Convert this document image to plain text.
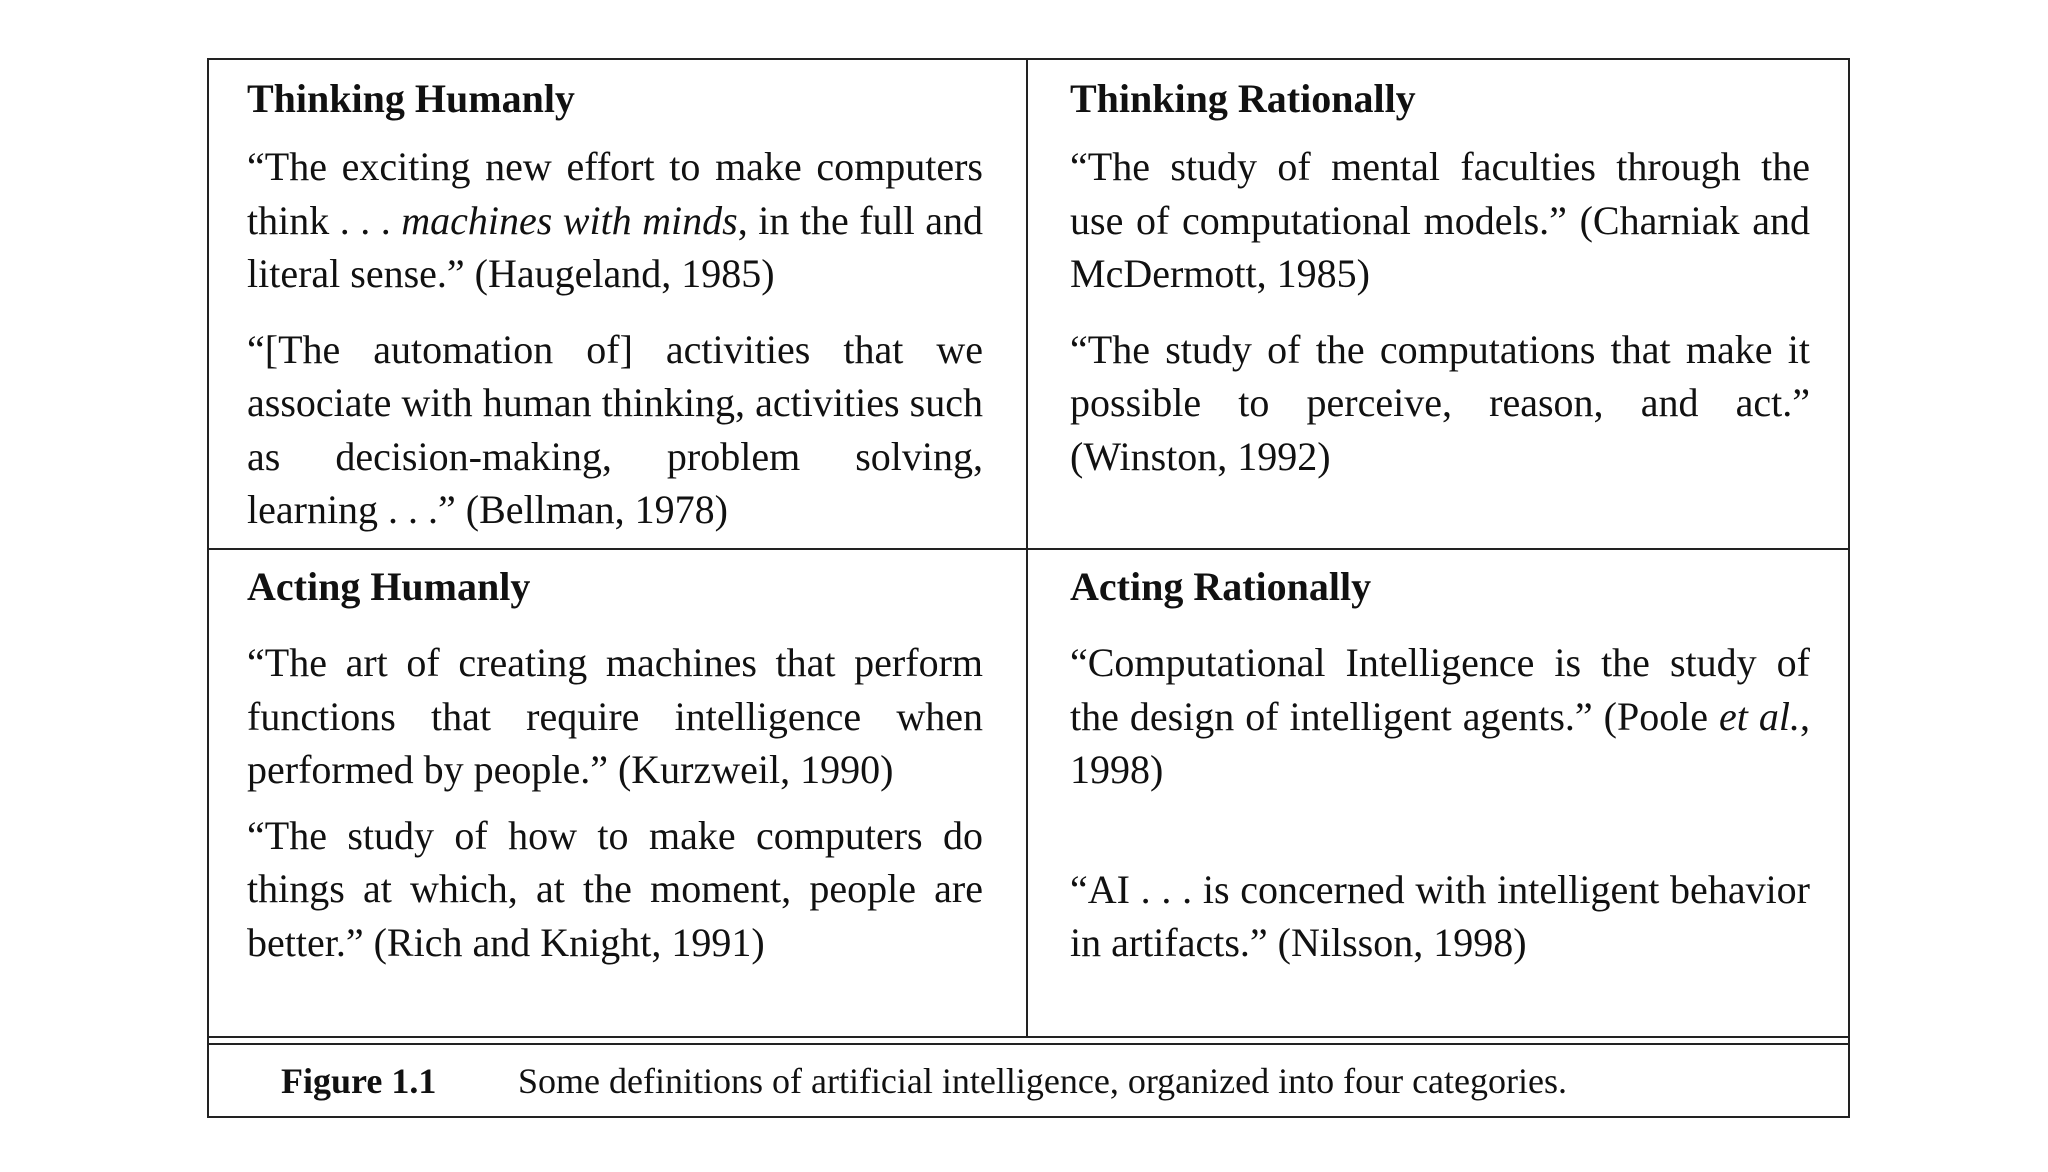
Thinking Humanly

“The exciting new effort to make computers think . . . machines with minds, in the full and literal sense.” (Haugeland, 1985)

“[The automation of] activities that we associate with human thinking, activities such as decision-making, problem solving, learning . . .” (Bellman, 1978)

Thinking Rationally

“The study of mental faculties through the use of computational models.” (Charniak and McDermott, 1985)

“The study of the computations that make it possible to perceive, reason, and act.” (Winston, 1992)

Acting Humanly

“The art of creating machines that perform functions that require intelligence when performed by people.” (Kurzweil, 1990)

“The study of how to make computers do things at which, at the moment, people are better.” (Rich and Knight, 1991)

Acting Rationally

“Computational Intelligence is the study of the design of intelligent agents.” (Poole et al., 1998)

“AI . . . is concerned with intelligent behavior in artifacts.” (Nilsson, 1998)

Figure 1.1 Some definitions of artificial intelligence, organized into four categories.
